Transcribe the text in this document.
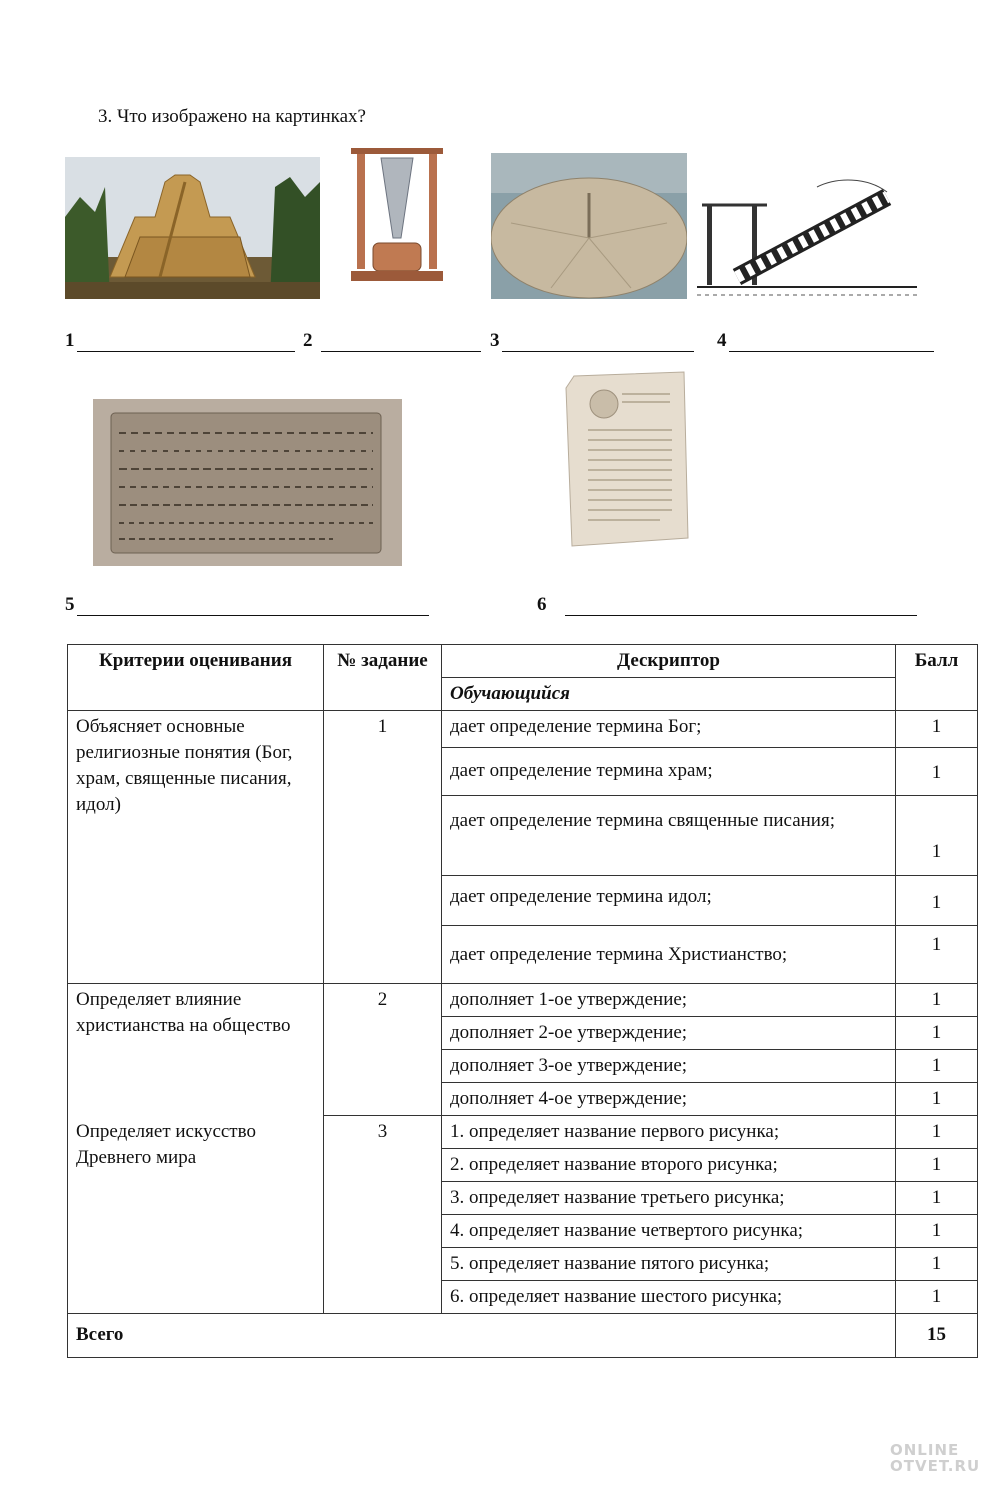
3. Что изображено на картинках?
1	2	3	4
5	6
Критерии оценивания	№ задание	Дескриптор	Балл
		Обучающийся	
Объясняет основные религиозные понятия (Бог, храм, священные писания, идол)	1	дает определение термина Бог;	1
		дает определение термина храм;	1
		дает определение термина священные писания;	1
		дает определение термина идол;	1
		дает определение термина Христианство;	1
Определяет влияние христианства на общество	2	дополняет 1-ое утверждение;	1
		дополняет 2-ое утверждение;	1
		дополняет 3-ое утверждение;	1
		дополняет 4-ое утверждение;	1
Определяет искусство Древнего мира	3	1. определяет название первого рисунка;	1
		2. определяет название второго рисунка;	1
		3. определяет название третьего рисунка;	1
		4. определяет название четвертого рисунка;	1
		5. определяет название пятого рисунка;	1
		6. определяет название шестого рисунка;	1
Всего			15
ONLINE
OTVET.RU
